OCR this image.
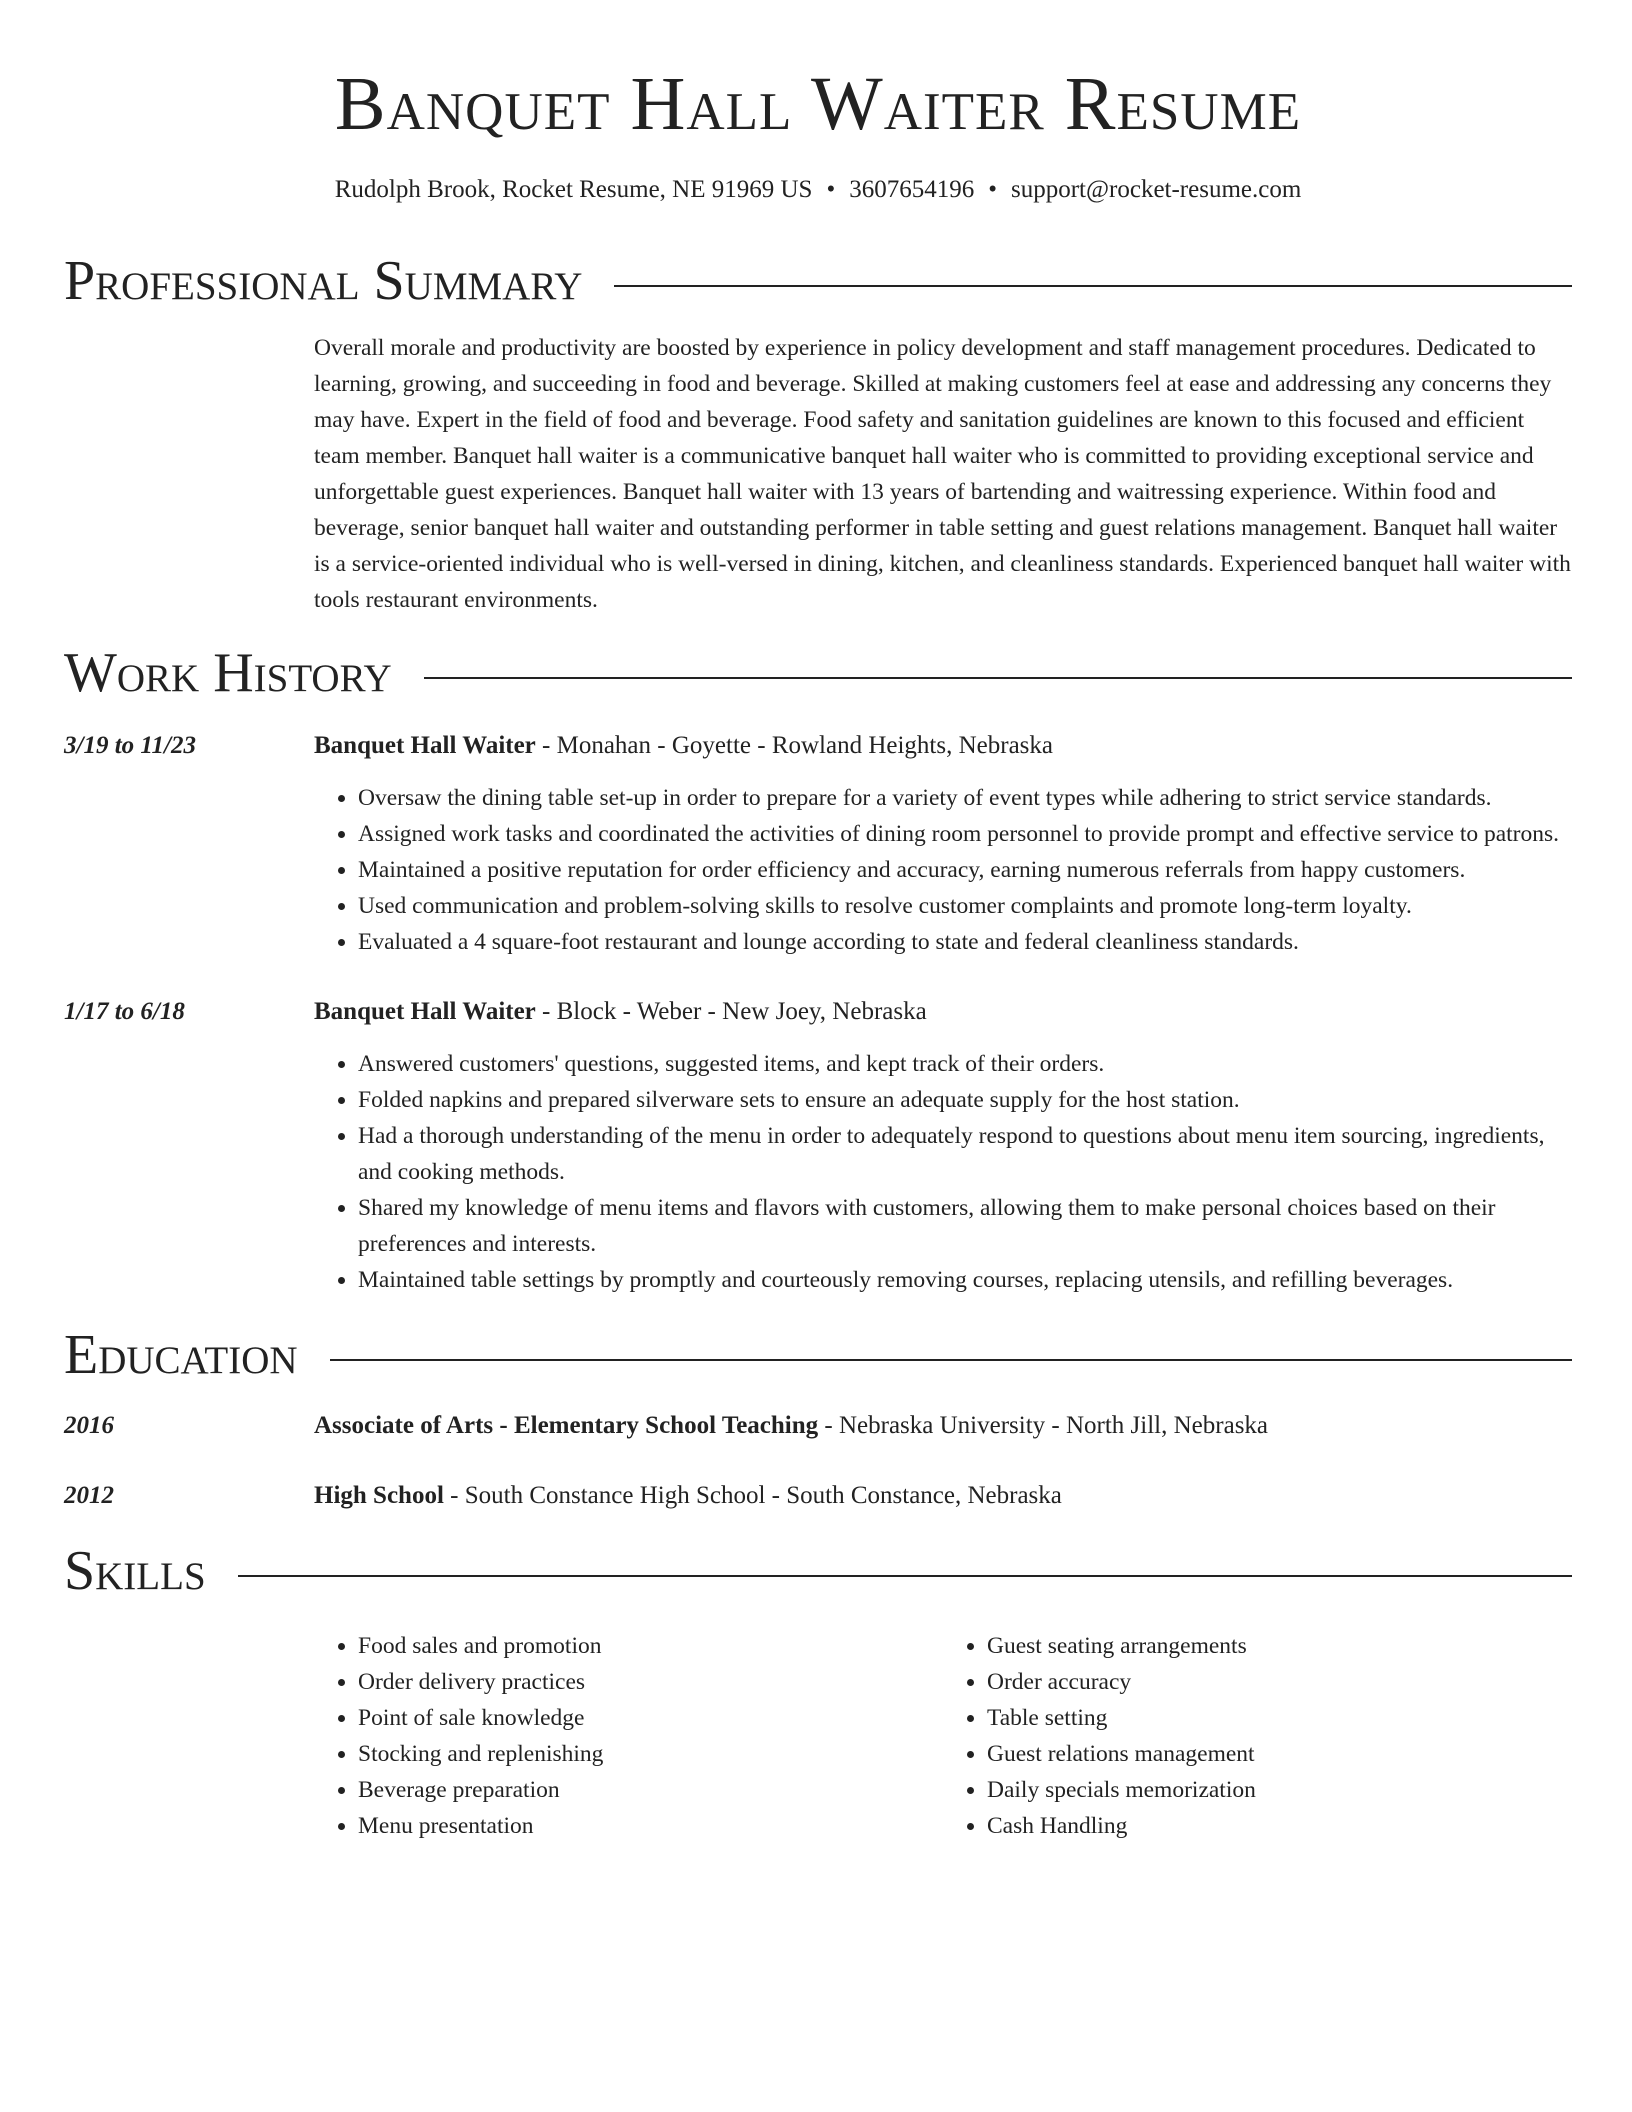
Banquet Hall Waiter Resume
Rudolph Brook, Rocket Resume, NE 91969 US • 3607654196 • support@rocket-resume.com
Professional Summary
Overall morale and productivity are boosted by experience in policy development and staff management procedures. Dedicated to learning, growing, and succeeding in food and beverage. Skilled at making customers feel at ease and addressing any concerns they may have. Expert in the field of food and beverage. Food safety and sanitation guidelines are known to this focused and efficient team member. Banquet hall waiter is a communicative banquet hall waiter who is committed to providing exceptional service and unforgettable guest experiences. Banquet hall waiter with 13 years of bartending and waitressing experience. Within food and beverage, senior banquet hall waiter and outstanding performer in table setting and guest relations management. Banquet hall waiter is a service-oriented individual who is well-versed in dining, kitchen, and cleanliness standards. Experienced banquet hall waiter with tools restaurant environments.
Work History
3/19 to 11/23	Banquet Hall Waiter - Monahan - Goyette - Rowland Heights, Nebraska
• Oversaw the dining table set-up in order to prepare for a variety of event types while adhering to strict service standards.
• Assigned work tasks and coordinated the activities of dining room personnel to provide prompt and effective service to patrons.
• Maintained a positive reputation for order efficiency and accuracy, earning numerous referrals from happy customers.
• Used communication and problem-solving skills to resolve customer complaints and promote long-term loyalty.
• Evaluated a 4 square-foot restaurant and lounge according to state and federal cleanliness standards.
1/17 to 6/18	Banquet Hall Waiter - Block - Weber - New Joey, Nebraska
• Answered customers' questions, suggested items, and kept track of their orders.
• Folded napkins and prepared silverware sets to ensure an adequate supply for the host station.
• Had a thorough understanding of the menu in order to adequately respond to questions about menu item sourcing, ingredients, and cooking methods.
• Shared my knowledge of menu items and flavors with customers, allowing them to make personal choices based on their preferences and interests.
• Maintained table settings by promptly and courteously removing courses, replacing utensils, and refilling beverages.
Education
2016	Associate of Arts - Elementary School Teaching - Nebraska University - North Jill, Nebraska
2012	High School - South Constance High School - South Constance, Nebraska
Skills
• Food sales and promotion
• Order delivery practices
• Point of sale knowledge
• Stocking and replenishing
• Beverage preparation
• Menu presentation
• Guest seating arrangements
• Order accuracy
• Table setting
• Guest relations management
• Daily specials memorization
• Cash Handling
